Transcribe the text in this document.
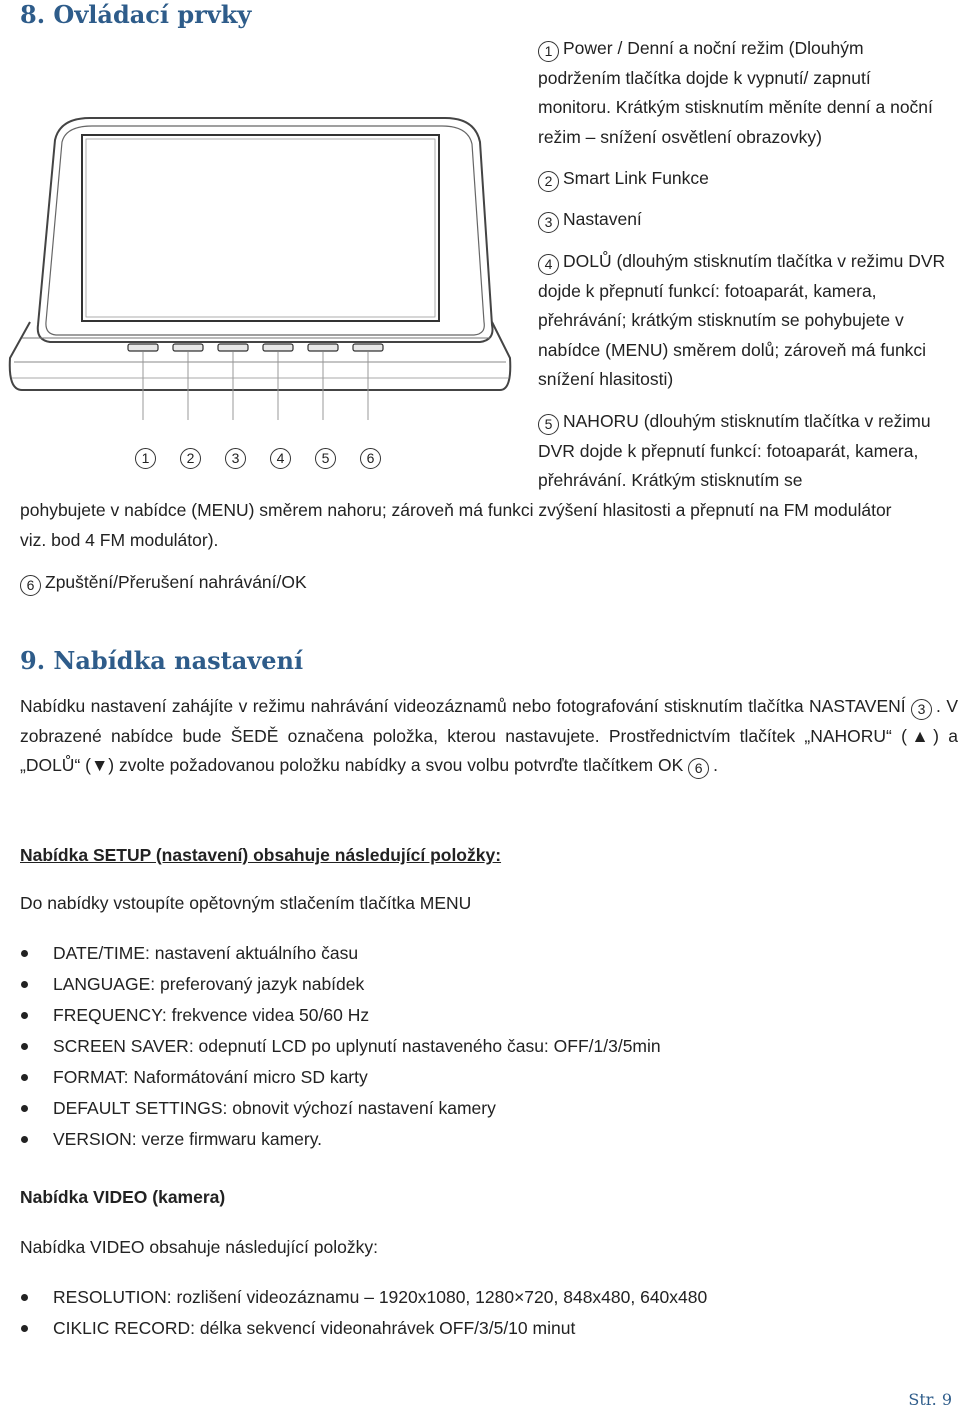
8. Ovládací prvky
1	2	3	4	5	6

1 Power / Denní a noční režim (Dlouhým podržením tlačítka dojde k vypnutí/ zapnutí monitoru. Krátkým stisknutím měníte denní a noční režim – snížení osvětlení obrazovky)

2 Smart Link Funkce

3 Nastavení

4 DOLŮ (dlouhým stisknutím tlačítka v režimu DVR dojde k přepnutí funkcí: fotoaparát, kamera, přehrávání; krátkým stisknutím se pohybujete v nabídce (MENU) směrem dolů; zároveň má funkci snížení hlasitosti)

5 NAHORU (dlouhým stisknutím tlačítka v režimu DVR dojde k přepnutí funkcí: fotoaparát, kamera, přehrávání. Krátkým stisknutím se

pohybujete v nabídce (MENU) směrem nahoru; zároveň má funkci zvýšení hlasitosti a přepnutí na FM modulátor viz. bod 4 FM modulátor).

6 Zpuštění/Přerušení nahrávání/OK

9. Nabídka nastavení

Nabídku nastavení zahájíte v režimu nahrávání videozáznamů nebo fotografování stisknutím tlačítka NASTAVENÍ 3 . V zobrazené nabídce bude ŠEDĚ označena položka, kterou nastavujete. Prostřednictvím tlačítek „NAHORU“ (▲) a „DOLŮ“ (▼) zvolte požadovanou položku nabídky a svou volbu potvrďte tlačítkem OK 6 .

Nabídka SETUP (nastavení) obsahuje následující položky:

Do nabídky vstoupíte opětovným stlačením tlačítka MENU

DATE/TIME: nastavení aktuálního času
LANGUAGE: preferovaný jazyk nabídek
FREQUENCY: frekvence videa 50/60 Hz
SCREEN SAVER: odepnutí LCD po uplynutí nastaveného času: OFF/1/3/5min
FORMAT: Naformátování micro SD karty
DEFAULT SETTINGS: obnovit výchozí nastavení kamery
VERSION: verze firmwaru kamery.

Nabídka VIDEO (kamera)

Nabídka VIDEO obsahuje následující položky:

RESOLUTION: rozlišení videozáznamu – 1920x1080, 1280×720, 848x480, 640x480
CIKLIC RECORD: délka sekvencí videonahrávek OFF/3/5/10 minut
Str. 9
